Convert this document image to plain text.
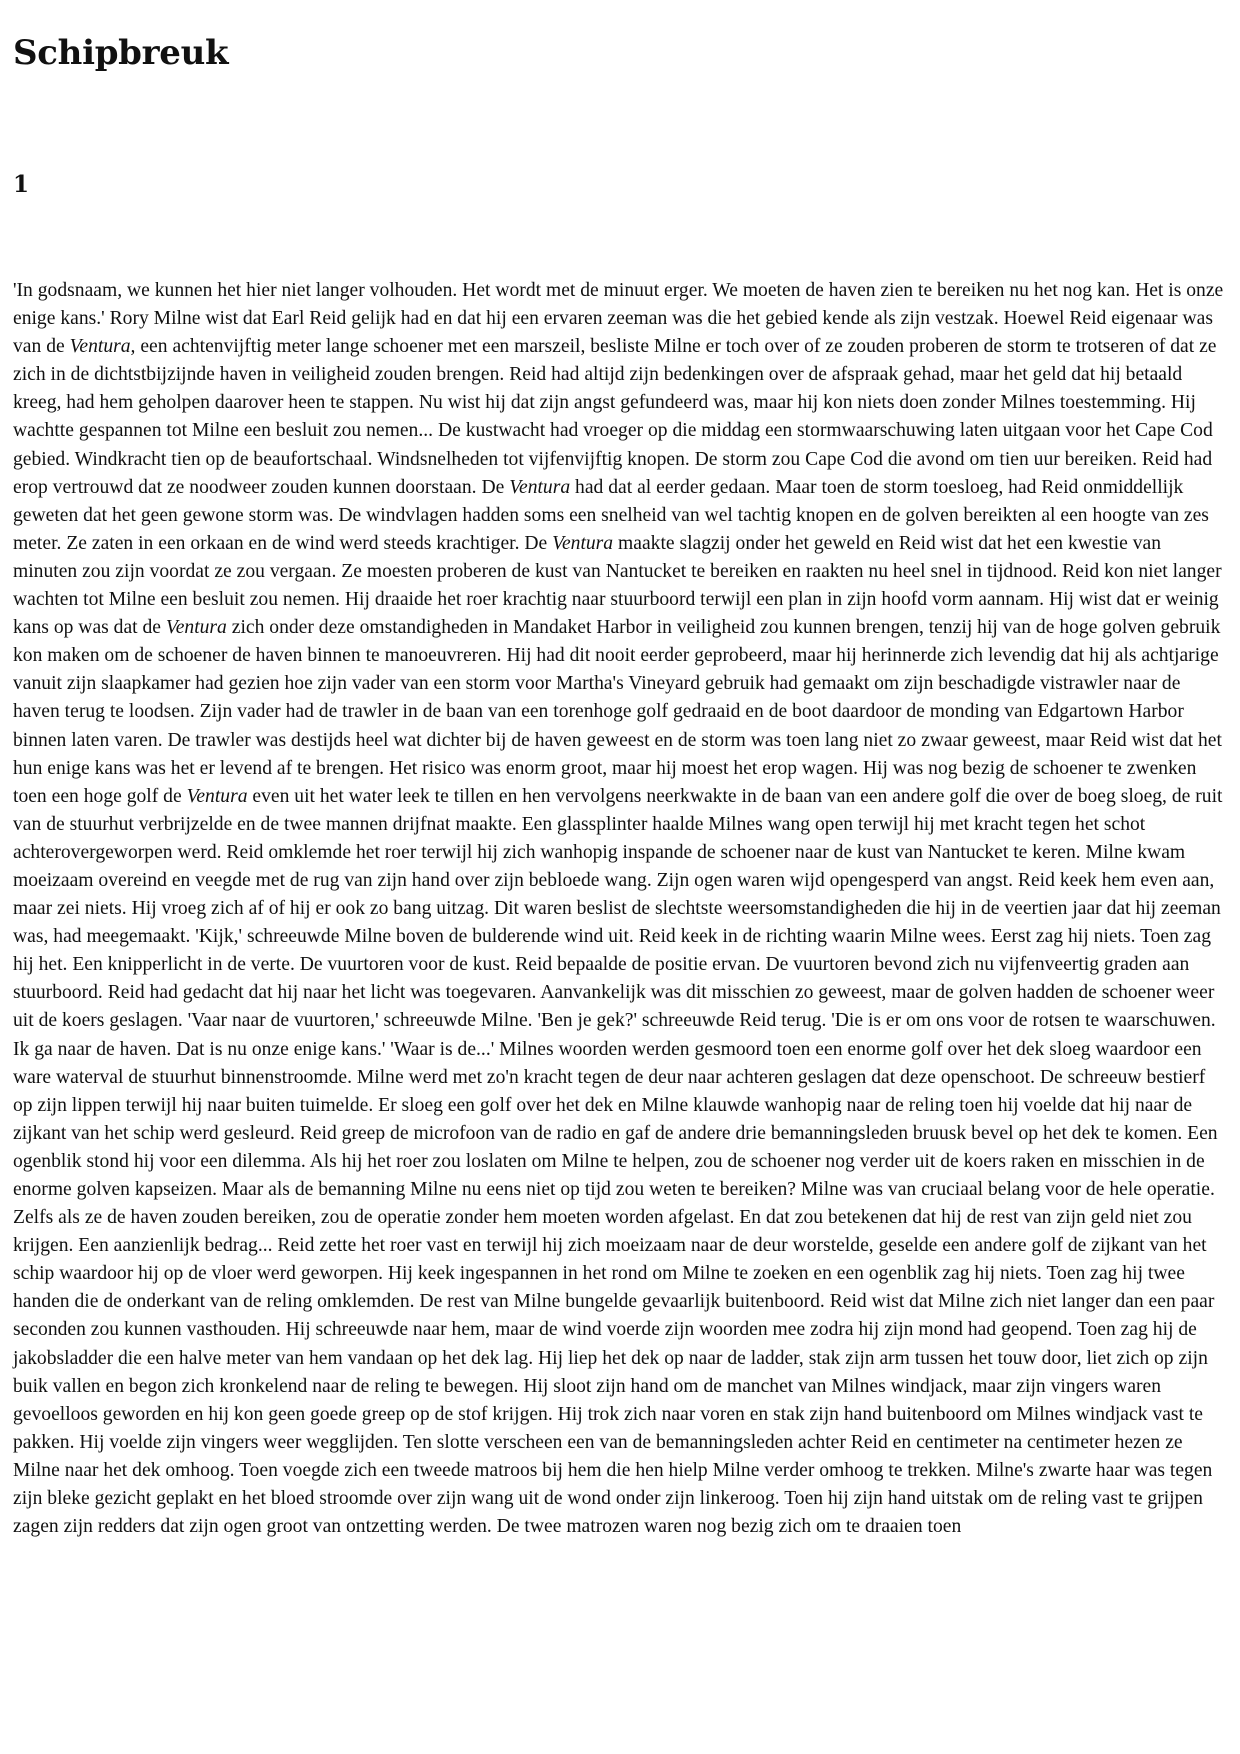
Schipbreuk
1

'In godsnaam, we kunnen het hier niet langer volhouden. Het wordt met de minuut erger. We moeten de haven zien te bereiken nu het nog kan. Het is onze enige kans.' Rory Milne wist dat Earl Reid gelijk had en dat hij een ervaren zeeman was die het gebied kende als zijn vestzak. Hoewel Reid eigenaar was van de Ventura, een achtenvijftig meter lange schoener met een marszeil, besliste Milne er toch over of ze zouden proberen de storm te trotseren of dat ze zich in de dichtstbijzijnde haven in veiligheid zouden brengen. Reid had altijd zijn bedenkingen over de afspraak gehad, maar het geld dat hij betaald kreeg, had hem geholpen daarover heen te stappen. Nu wist hij dat zijn angst gefundeerd was, maar hij kon niets doen zonder Milnes toestemming. Hij wachtte gespannen tot Milne een besluit zou nemen... De kustwacht had vroeger op die middag een stormwaarschuwing laten uitgaan voor het Cape Cod gebied. Windkracht tien op de beaufortschaal. Windsnelheden tot vijfenvijftig knopen. De storm zou Cape Cod die avond om tien uur bereiken. Reid had erop vertrouwd dat ze noodweer zouden kunnen doorstaan. De Ventura had dat al eerder gedaan. Maar toen de storm toesloeg, had Reid onmiddellijk geweten dat het geen gewone storm was. De windvlagen hadden soms een snelheid van wel tachtig knopen en de golven bereikten al een hoogte van zes meter. Ze zaten in een orkaan en de wind werd steeds krachtiger. De Ventura maakte slagzij onder het geweld en Reid wist dat het een kwestie van minuten zou zijn voordat ze zou vergaan. Ze moesten proberen de kust van Nantucket te bereiken en raakten nu heel snel in tijdnood. Reid kon niet langer wachten tot Milne een besluit zou nemen. Hij draaide het roer krachtig naar stuurboord terwijl een plan in zijn hoofd vorm aannam. Hij wist dat er weinig kans op was dat de Ventura zich onder deze omstandigheden in Mandaket Harbor in veiligheid zou kunnen brengen, tenzij hij van de hoge golven gebruik kon maken om de schoener de haven binnen te manoeuvreren. Hij had dit nooit eerder geprobeerd, maar hij herinnerde zich levendig dat hij als achtjarige vanuit zijn slaapkamer had gezien hoe zijn vader van een storm voor Martha's Vineyard gebruik had gemaakt om zijn beschadigde vistrawler naar de haven terug te loodsen. Zijn vader had de trawler in de baan van een torenhoge golf gedraaid en de boot daardoor de monding van Edgartown Harbor binnen laten varen. De trawler was destijds heel wat dichter bij de haven geweest en de storm was toen lang niet zo zwaar geweest, maar Reid wist dat het hun enige kans was het er levend af te brengen. Het risico was enorm groot, maar hij moest het erop wagen. Hij was nog bezig de schoener te zwenken toen een hoge golf de Ventura even uit het water leek te tillen en hen vervolgens neerkwakte in de baan van een andere golf die over de boeg sloeg, de ruit van de stuurhut verbrijzelde en de twee mannen drijfnat maakte. Een glassplinter haalde Milnes wang open terwijl hij met kracht tegen het schot achterovergeworpen werd. Reid omklemde het roer terwijl hij zich wanhopig inspande de schoener naar de kust van Nantucket te keren. Milne kwam moeizaam overeind en veegde met de rug van zijn hand over zijn bebloede wang. Zijn ogen waren wijd opengesperd van angst. Reid keek hem even aan, maar zei niets. Hij vroeg zich af of hij er ook zo bang uitzag. Dit waren beslist de slechtste weersomstandigheden die hij in de veertien jaar dat hij zeeman was, had meegemaakt. 'Kijk,' schreeuwde Milne boven de bulderende wind uit. Reid keek in de richting waarin Milne wees. Eerst zag hij niets. Toen zag hij het. Een knipperlicht in de verte. De vuurtoren voor de kust. Reid bepaalde de positie ervan. De vuurtoren bevond zich nu vijfenveertig graden aan stuurboord. Reid had gedacht dat hij naar het licht was toegevaren. Aanvankelijk was dit misschien zo geweest, maar de golven hadden de schoener weer uit de koers geslagen. 'Vaar naar de vuurtoren,' schreeuwde Milne. 'Ben je gek?' schreeuwde Reid terug. 'Die is er om ons voor de rotsen te waarschuwen. Ik ga naar de haven. Dat is nu onze enige kans.' 'Waar is de...' Milnes woorden werden gesmoord toen een enorme golf over het dek sloeg waardoor een ware waterval de stuurhut binnenstroomde. Milne werd met zo'n kracht tegen de deur naar achteren geslagen dat deze openschoot. De schreeuw bestierf op zijn lippen terwijl hij naar buiten tuimelde. Er sloeg een golf over het dek en Milne klauwde wanhopig naar de reling toen hij voelde dat hij naar de zijkant van het schip werd gesleurd. Reid greep de microfoon van de radio en gaf de andere drie bemanningsleden bruusk bevel op het dek te komen. Een ogenblik stond hij voor een dilemma. Als hij het roer zou loslaten om Milne te helpen, zou de schoener nog verder uit de koers raken en misschien in de enorme golven kapseizen. Maar als de bemanning Milne nu eens niet op tijd zou weten te bereiken? Milne was van cruciaal belang voor de hele operatie. Zelfs als ze de haven zouden bereiken, zou de operatie zonder hem moeten worden afgelast. En dat zou betekenen dat hij de rest van zijn geld niet zou krijgen. Een aanzienlijk bedrag... Reid zette het roer vast en terwijl hij zich moeizaam naar de deur worstelde, geselde een andere golf de zijkant van het schip waardoor hij op de vloer werd geworpen. Hij keek ingespannen in het rond om Milne te zoeken en een ogenblik zag hij niets. Toen zag hij twee handen die de onderkant van de reling omklemden. De rest van Milne bungelde gevaarlijk buitenboord. Reid wist dat Milne zich niet langer dan een paar seconden zou kunnen vasthouden. Hij schreeuwde naar hem, maar de wind voerde zijn woorden mee zodra hij zijn mond had geopend. Toen zag hij de jakobsladder die een halve meter van hem vandaan op het dek lag. Hij liep het dek op naar de ladder, stak zijn arm tussen het touw door, liet zich op zijn buik vallen en begon zich kronkelend naar de reling te bewegen. Hij sloot zijn hand om de manchet van Milnes windjack, maar zijn vingers waren gevoelloos geworden en hij kon geen goede greep op de stof krijgen. Hij trok zich naar voren en stak zijn hand buitenboord om Milnes windjack vast te pakken. Hij voelde zijn vingers weer wegglijden. Ten slotte verscheen een van de bemanningsleden achter Reid en centimeter na centimeter hezen ze Milne naar het dek omhoog. Toen voegde zich een tweede matroos bij hem die hen hielp Milne verder omhoog te trekken. Milne's zwarte haar was tegen zijn bleke gezicht geplakt en het bloed stroomde over zijn wang uit de wond onder zijn linkeroog. Toen hij zijn hand uitstak om de reling vast te grijpen zagen zijn redders dat zijn ogen groot van ontzetting werden. De twee matrozen waren nog bezig zich om te draaien toen
